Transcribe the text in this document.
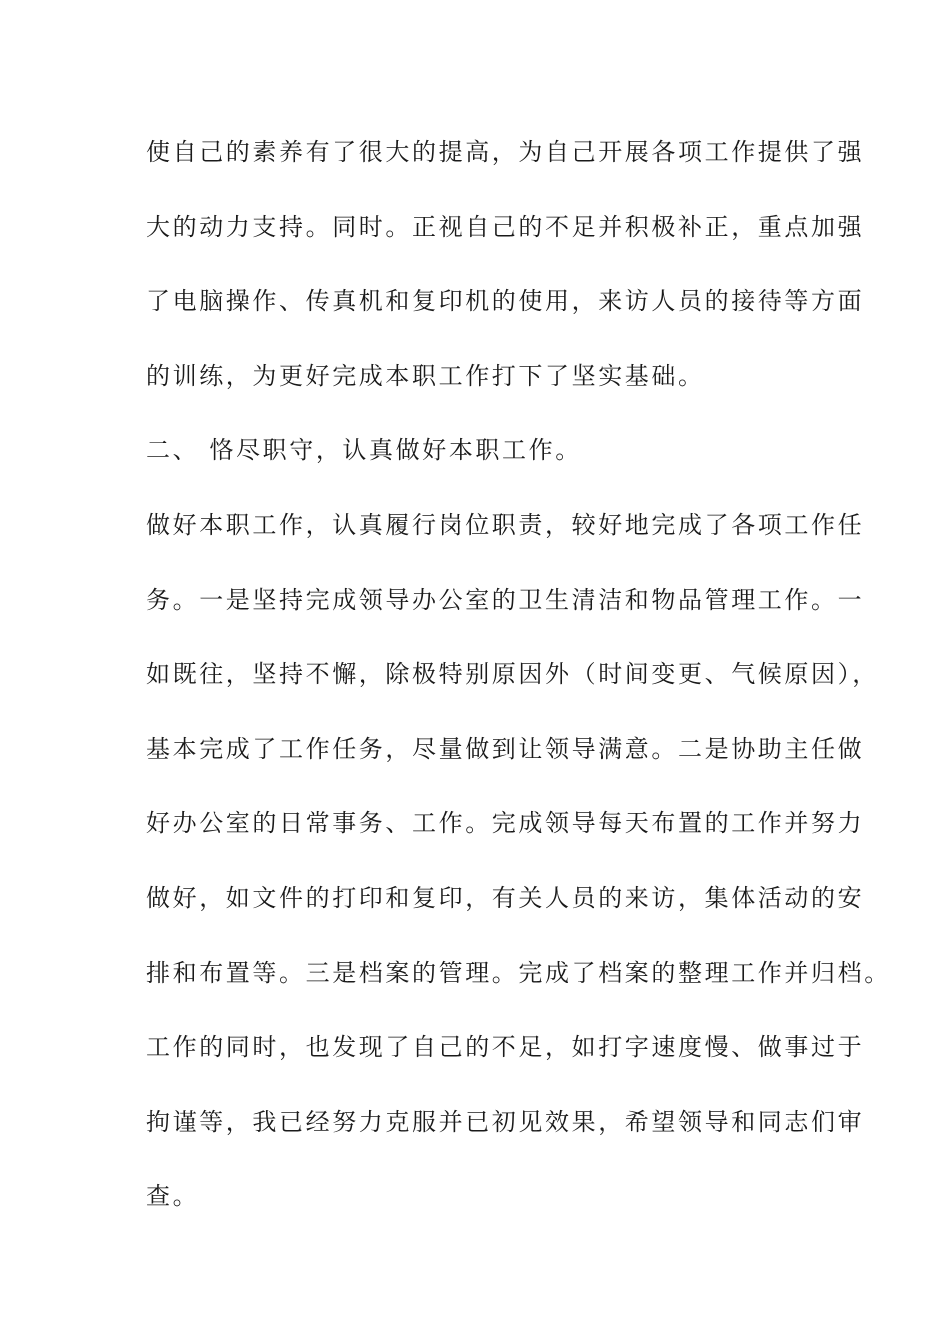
使自己的素养有了很大的提高，为自己开展各项工作提供了强
大的动力支持。同时。正视自己的不足并积极补正，重点加强
了电脑操作、传真机和复印机的使用，来访人员的接待等方面
的训练，为更好完成本职工作打下了坚实基础。
二、 恪尽职守，认真做好本职工作。
做好本职工作，认真履行岗位职责，较好地完成了各项工作任
务。一是坚持完成领导办公室的卫生清洁和物品管理工作。一
如既往，坚持不懈，除极特别原因外（时间变更、气候原因），
基本完成了工作任务，尽量做到让领导满意。二是协助主任做
好办公室的日常事务、工作。完成领导每天布置的工作并努力
做好，如文件的打印和复印，有关人员的来访，集体活动的安
排和布置等。三是档案的管理。完成了档案的整理工作并归档。
工作的同时，也发现了自己的不足，如打字速度慢、做事过于
拘谨等，我已经努力克服并已初见效果，希望领导和同志们审
查。
